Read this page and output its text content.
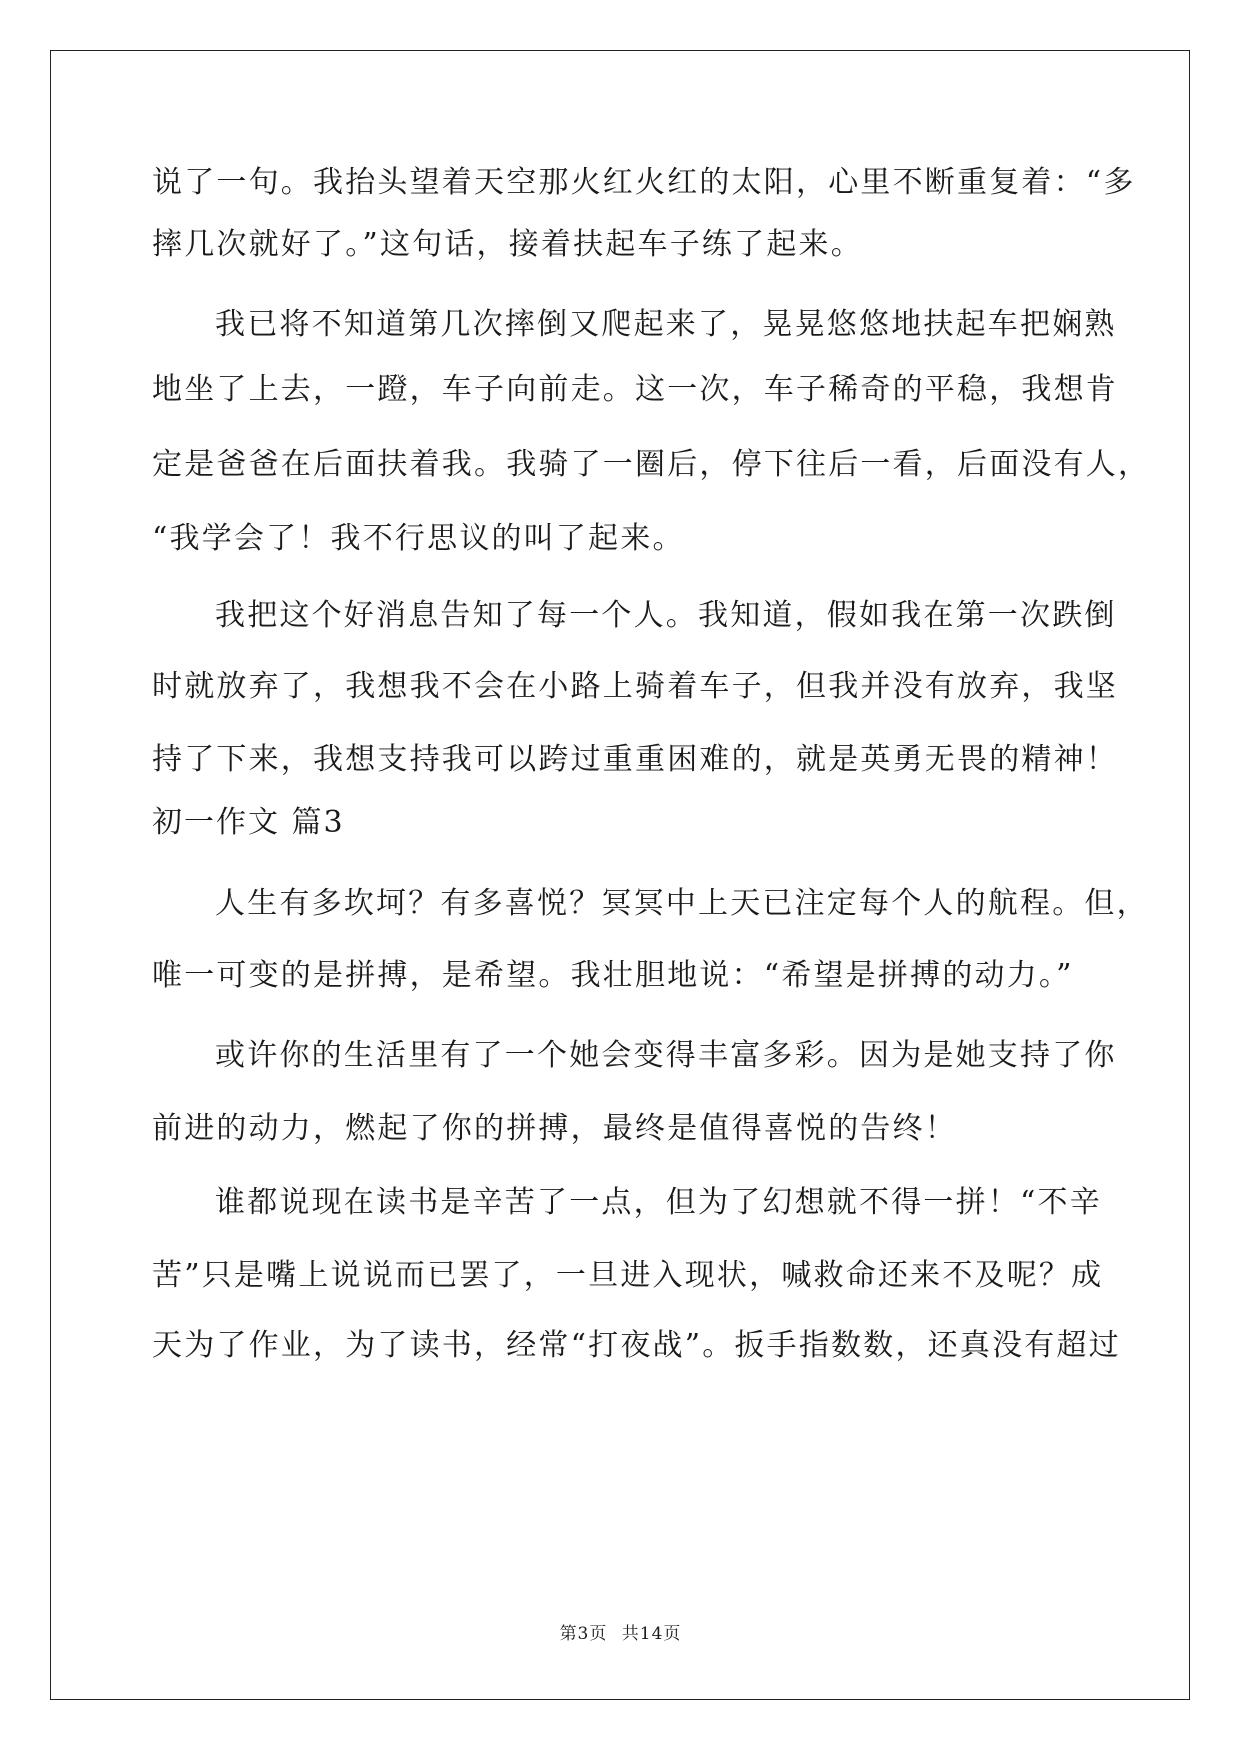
说了一句。我抬头望着天空那火红火红的太阳，心里不断重复着：“多
摔几次就好了。”这句话，接着扶起车子练了起来。
我已将不知道第几次摔倒又爬起来了，晃晃悠悠地扶起车把娴熟
地坐了上去，一蹬，车子向前走。这一次，车子稀奇的平稳，我想肯
定是爸爸在后面扶着我。我骑了一圈后，停下往后一看，后面没有人，
“我学会了！我不行思议的叫了起来。
我把这个好消息告知了每一个人。我知道，假如我在第一次跌倒
时就放弃了，我想我不会在小路上骑着车子，但我并没有放弃，我坚
持了下来，我想支持我可以跨过重重困难的，就是英勇无畏的精神！
初一作文 篇3
人生有多坎坷？有多喜悦？冥冥中上天已注定每个人的航程。但，
唯一可变的是拼搏，是希望。我壮胆地说：“希望是拼搏的动力。”
或许你的生活里有了一个她会变得丰富多彩。因为是她支持了你
前进的动力，燃起了你的拼搏，最终是值得喜悦的告终！
谁都说现在读书是辛苦了一点，但为了幻想就不得一拼！“不辛
苦”只是嘴上说说而已罢了，一旦进入现状，喊救命还来不及呢？成
天为了作业，为了读书，经常“打夜战”。扳手指数数，还真没有超过
第3页 共14页
